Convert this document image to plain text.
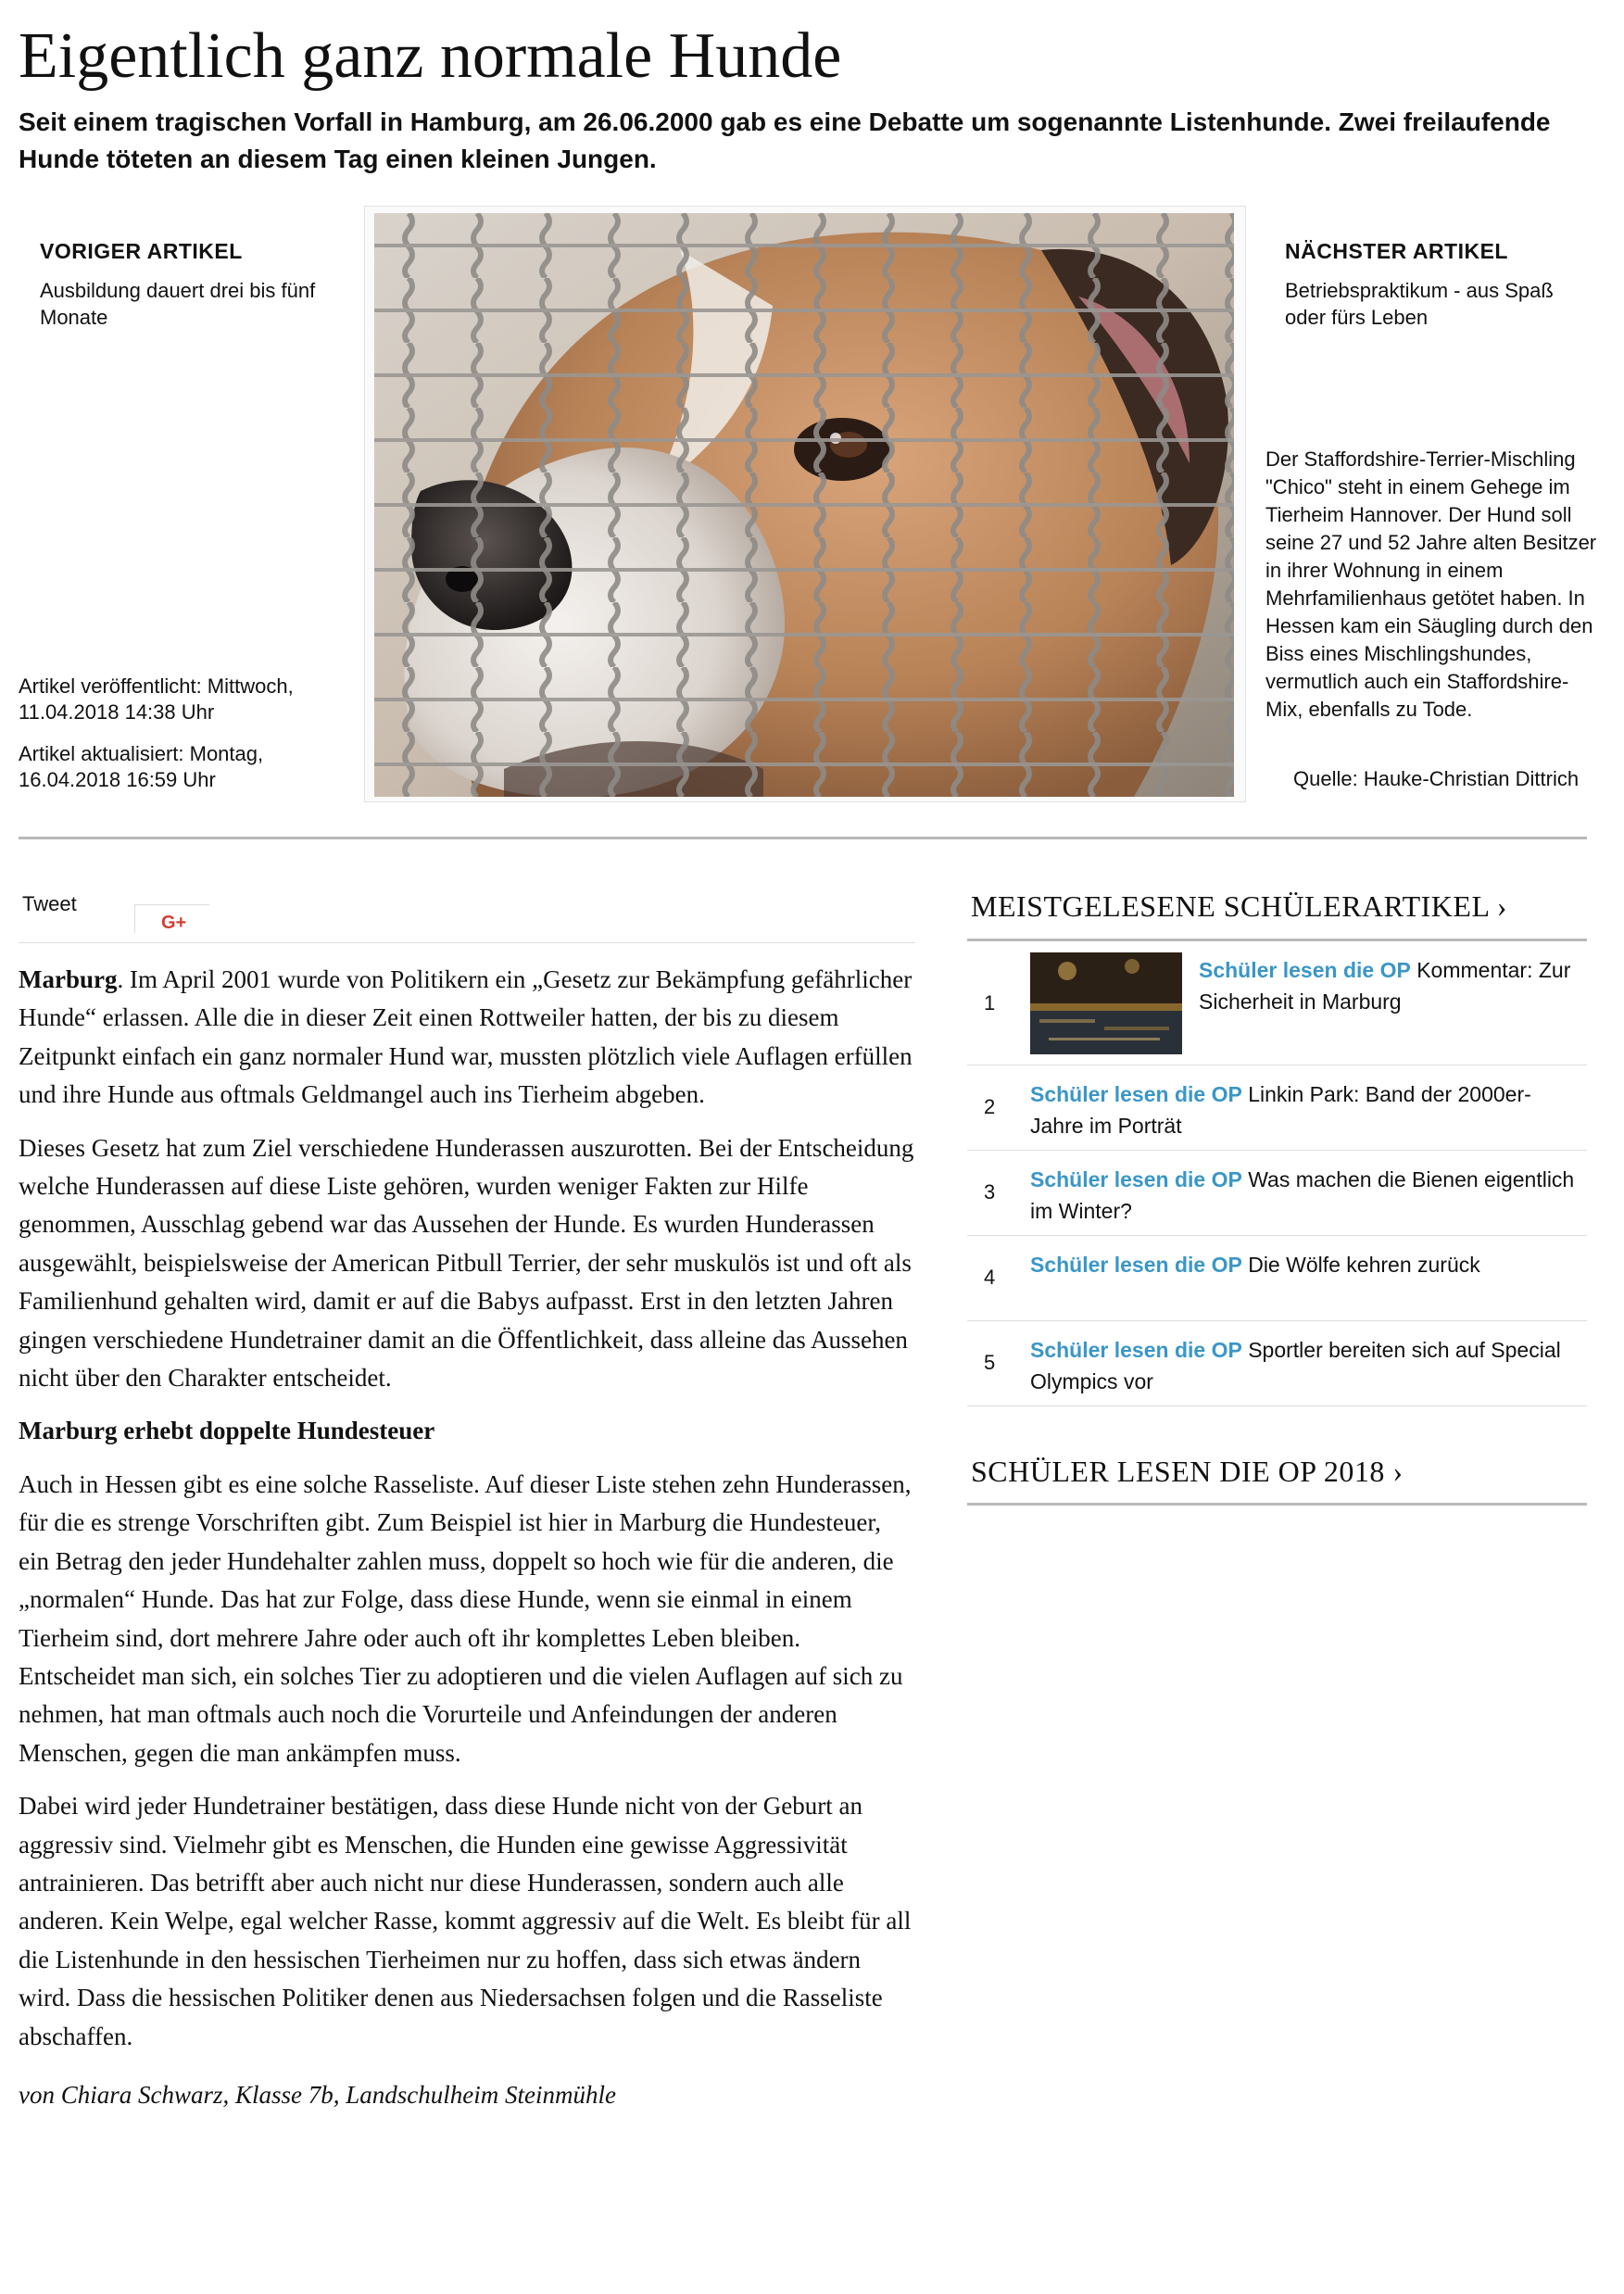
Eigentlich ganz normale Hunde

Seit einem tragischen Vorfall in Hamburg, am 26.06.2000 gab es eine Debatte um sogenannte Listenhunde. Zwei freilaufende Hunde töteten an diesem Tag einen kleinen Jungen.

VORIGER ARTIKEL
Ausbildung dauert drei bis fünf Monate
NÄCHSTER ARTIKEL
Betriebspraktikum - aus Spaß oder fürs Leben
Artikel veröffentlicht: Mittwoch, 11.04.2018 14:38 Uhr
Artikel aktualisiert: Montag, 16.04.2018 16:59 Uhr
Der Staffordshire-Terrier-Mischling "Chico" steht in einem Gehege im Tierheim Hannover. Der Hund soll seine 27 und 52 Jahre alten Besitzer in ihrer Wohnung in einem Mehrfamilienhaus getötet haben. In Hessen kam ein Säugling durch den Biss eines Mischlingshundes, vermutlich auch ein Staffordshire-Mix, ebenfalls zu Tode.
Quelle: Hauke-Christian Dittrich
Tweet
G+

Marburg. Im April 2001 wurde von Politikern ein „Gesetz zur Bekämpfung gefährlicher Hunde“ erlassen. Alle die in dieser Zeit einen Rottweiler hatten, der bis zu diesem Zeitpunkt einfach ein ganz normaler Hund war, mussten plötzlich viele Auflagen erfüllen und ihre Hunde aus oftmals Geldmangel auch ins Tierheim abgeben.

Dieses Gesetz hat zum Ziel verschiedene Hunderassen auszurotten. Bei der Entscheidung welche Hunderassen auf diese Liste gehören, wurden weniger Fakten zur Hilfe genommen, Ausschlag gebend war das Aussehen der Hunde. Es wurden Hunderassen ausgewählt, beispielsweise der American Pitbull Terrier, der sehr muskulös ist und oft als Familienhund gehalten wird, damit er auf die Babys aufpasst. Erst in den letzten Jahren gingen verschiedene Hundetrainer damit an die Öffentlichkeit, dass alleine das Aussehen nicht über den Charakter entscheidet.

Marburg erhebt doppelte Hundesteuer

Auch in Hessen gibt es eine solche Rasseliste. Auf dieser Liste stehen zehn Hunderassen, für die es strenge Vorschriften gibt. Zum Beispiel ist hier in Marburg die Hundesteuer, ein Betrag den jeder Hundehalter zahlen muss, doppelt so hoch wie für die anderen, die „normalen“ Hunde. Das hat zur Folge, dass diese Hunde, wenn sie einmal in einem Tierheim sind, dort mehrere Jahre oder auch oft ihr komplettes Leben bleiben. Entscheidet man sich, ein solches Tier zu adoptieren und die vielen Auflagen auf sich zu nehmen, hat man oftmals auch noch die Vorurteile und Anfeindungen der anderen Menschen, gegen die man ankämpfen muss.

Dabei wird jeder Hundetrainer bestätigen, dass diese Hunde nicht von der Geburt an aggressiv sind. Vielmehr gibt es Menschen, die Hunden eine gewisse Aggressivität antrainieren. Das betrifft aber auch nicht nur diese Hunderassen, sondern auch alle anderen. Kein Welpe, egal welcher Rasse, kommt aggressiv auf die Welt. Es bleibt für all die Listenhunde in den hessischen Tierheimen nur zu hoffen, dass sich etwas ändern wird. Dass die hessischen Politiker denen aus Niedersachsen folgen und die Rasseliste abschaffen.

von Chiara Schwarz, Klasse 7b, Landschulheim Steinmühle

MEISTGELESENE SCHÜLERARTIKEL ›
1
Schüler lesen die OP Kommentar: Zur Sicherheit in Marburg
2
Schüler lesen die OP Linkin Park: Band der 2000er-Jahre im Porträt
3
Schüler lesen die OP Was machen die Bienen eigentlich im Winter?
4
Schüler lesen die OP Die Wölfe kehren zurück
5
Schüler lesen die OP Sportler bereiten sich auf Special Olympics vor
SCHÜLER LESEN DIE OP 2018 ›
